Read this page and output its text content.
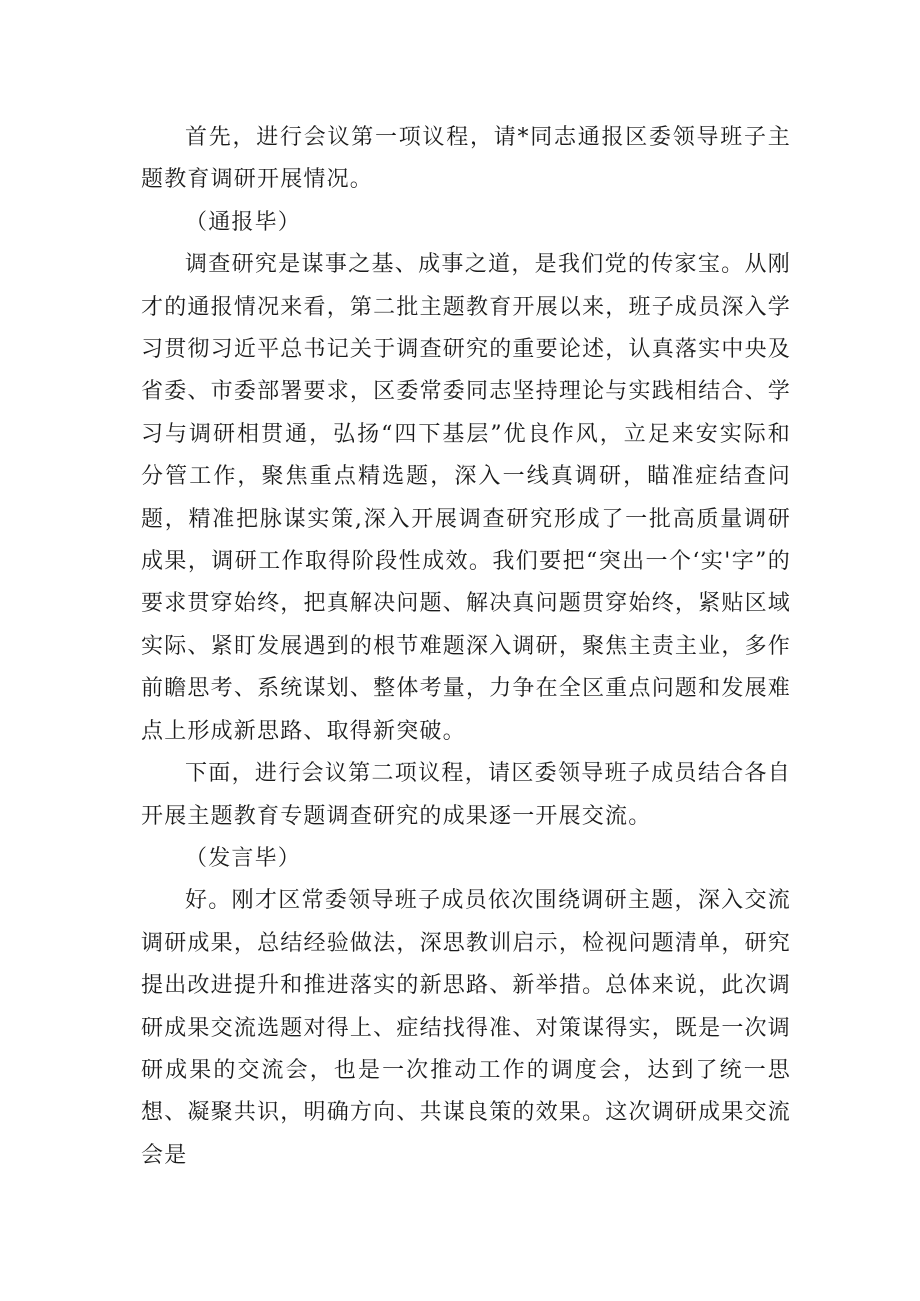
首先，进行会议第一项议程，请*同志通报区委领导班子主题教育调研开展情况。

（通报毕）

调查研究是谋事之基、成事之道，是我们党的传家宝。从刚才的通报情况来看，第二批主题教育开展以来，班子成员深入学习贯彻习近平总书记关于调查研究的重要论述，认真落实中央及省委、市委部署要求，区委常委同志坚持理论与实践相结合、学习与调研相贯通，弘扬“四下基层”优良作风，立足来安实际和分管工作，聚焦重点精选题，深入一线真调研，瞄准症结查问题，精准把脉谋实策,深入开展调查研究形成了一批高质量调研成果，调研工作取得阶段性成效。我们要把“突出一个‘实'字”的要求贯穿始终，把真解决问题、解决真问题贯穿始终，紧贴区域实际、紧盯发展遇到的根节难题深入调研，聚焦主责主业，多作前瞻思考、系统谋划、整体考量，力争在全区重点问题和发展难点上形成新思路、取得新突破。

下面，进行会议第二项议程，请区委领导班子成员结合各自开展主题教育专题调查研究的成果逐一开展交流。

（发言毕）

好。刚才区常委领导班子成员依次围绕调研主题，深入交流调研成果，总结经验做法，深思教训启示，检视问题清单，研究提出改进提升和推进落实的新思路、新举措。总体来说，此次调研成果交流选题对得上、症结找得准、对策谋得实，既是一次调研成果的交流会，也是一次推动工作的调度会，达到了统一思想、凝聚共识，明确方向、共谋良策的效果。这次调研成果交流会是
